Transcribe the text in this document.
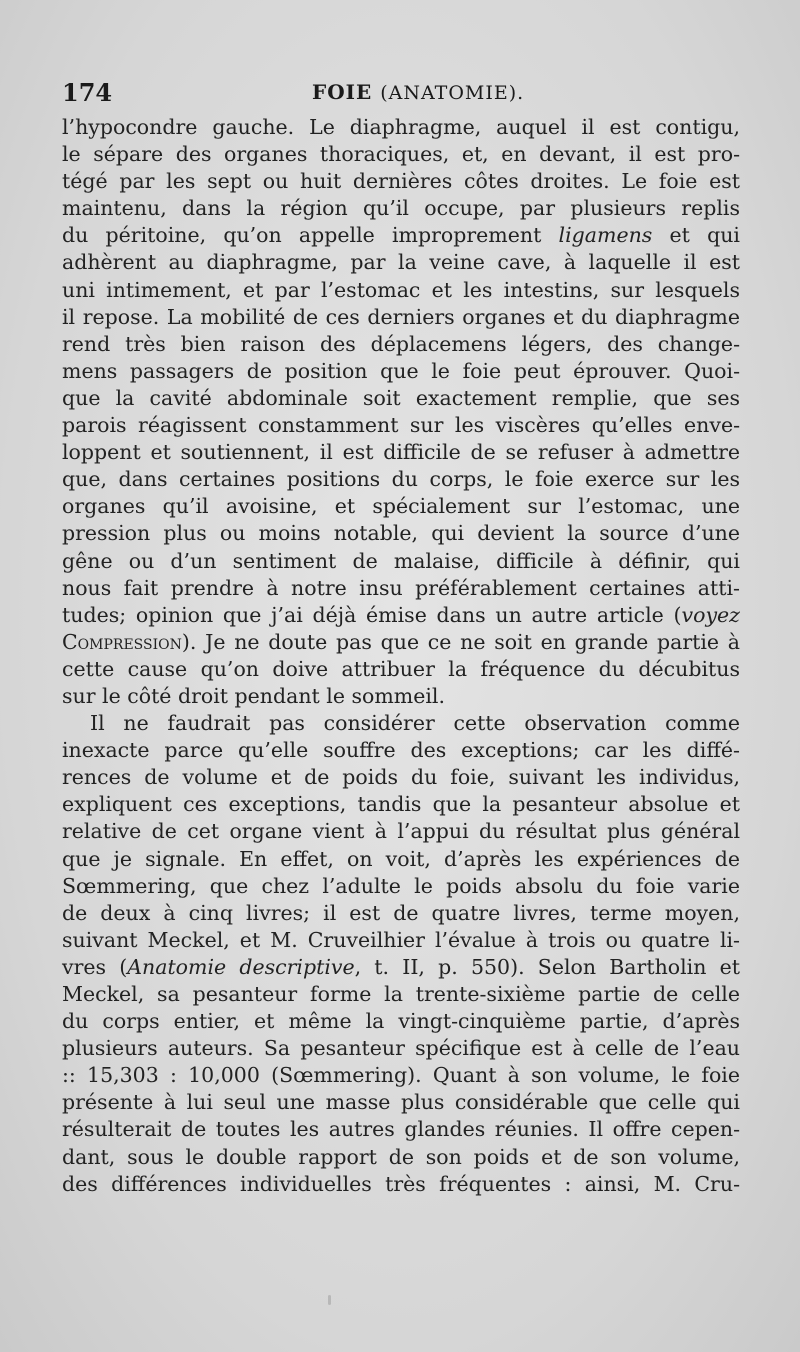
174	FOIE (ANATOMIE).
l’hypocondre gauche. Le diaphragme, auquel il est contigu,
le sépare des organes thoraciques, et, en devant, il est pro-
tégé par les sept ou huit dernières côtes droites. Le foie est
maintenu, dans la région qu’il occupe, par plusieurs replis
du péritoine, qu’on appelle improprement ligamens et qui
adhèrent au diaphragme, par la veine cave, à laquelle il est
uni intimement, et par l’estomac et les intestins, sur lesquels
il repose. La mobilité de ces derniers organes et du diaphragme
rend très bien raison des déplacemens légers, des change-
mens passagers de position que le foie peut éprouver. Quoi-
que la cavité abdominale soit exactement remplie, que ses
parois réagissent constamment sur les viscères qu’elles enve-
loppent et soutiennent, il est difficile de se refuser à admettre
que, dans certaines positions du corps, le foie exerce sur les
organes qu’il avoisine, et spécialement sur l’estomac, une
pression plus ou moins notable, qui devient la source d’une
gêne ou d’un sentiment de malaise, difficile à définir, qui
nous fait prendre à notre insu préférablement certaines atti-
tudes; opinion que j’ai déjà émise dans un autre article (voyez
Compression). Je ne doute pas que ce ne soit en grande partie à
cette cause qu’on doive attribuer la fréquence du décubitus
sur le côté droit pendant le sommeil.
Il ne faudrait pas considérer cette observation comme
inexacte parce qu’elle souffre des exceptions; car les diffé-
rences de volume et de poids du foie, suivant les individus,
expliquent ces exceptions, tandis que la pesanteur absolue et
relative de cet organe vient à l’appui du résultat plus général
que je signale. En effet, on voit, d’après les expériences de
Sœmmering, que chez l’adulte le poids absolu du foie varie
de deux à cinq livres; il est de quatre livres, terme moyen,
suivant Meckel, et M. Cruveilhier l’évalue à trois ou quatre li-
vres (Anatomie descriptive, t. II, p. 550). Selon Bartholin et
Meckel, sa pesanteur forme la trente-sixième partie de celle
du corps entier, et même la vingt-cinquième partie, d’après
plusieurs auteurs. Sa pesanteur spécifique est à celle de l’eau
:: 15,303 : 10,000 (Sœmmering). Quant à son volume, le foie
présente à lui seul une masse plus considérable que celle qui
résulterait de toutes les autres glandes réunies. Il offre cepen-
dant, sous le double rapport de son poids et de son volume,
des différences individuelles très fréquentes : ainsi, M. Cru-
